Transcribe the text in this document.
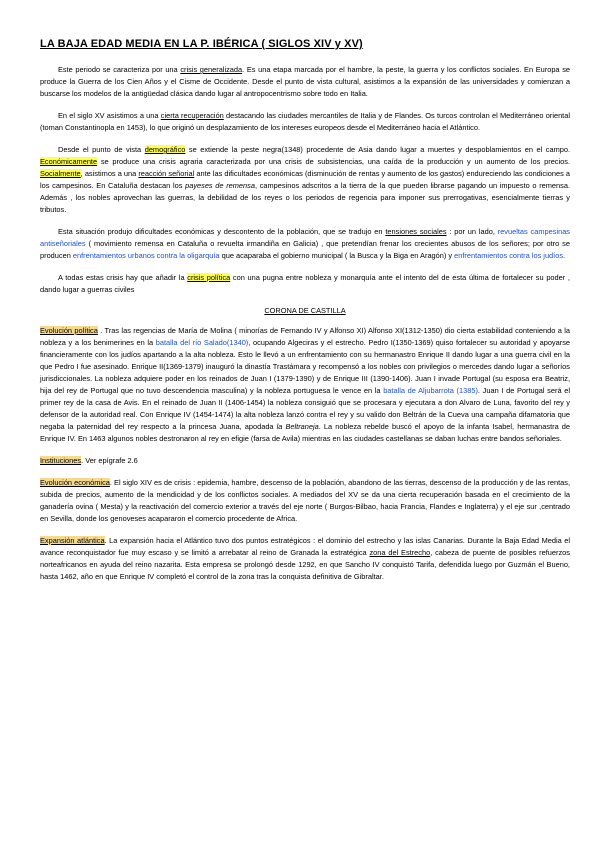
LA BAJA EDAD MEDIA EN LA P. IBÉRICA ( SIGLOS XIV y XV)

Este periodo se caracteriza por una crisis generalizada. Es una etapa marcada por el hambre, la peste, la guerra y los conflictos sociales. En Europa se produce la Guerra de los Cien Años y el Cisme de Occidente. Desde el punto de vista cultural, asistimos a la expansión de las universidades y comienzan a buscarse los modelos de la antigüedad clásica dando lugar al antropocentrismo sobre todo en Italia.

En el siglo XV asistimos a una cierta recuperación destacando las ciudades mercantiles de Italia y de Flandes. Os turcos controlan el Mediterráneo oriental (toman Constantinopla en 1453), lo que originó un desplazamiento de los intereses europeos desde el Mediterráneo hacia el Atlántico.

Desde el punto de vista demográfico se extiende la peste negra(1348) procedente de Asia dando lugar a muertes y despoblamientos en el campo. Económicamente se produce una crisis agraria caracterizada por una crisis de subsistencias, una caída de la producción y un aumento de los precios. Socialmente, asistimos a una reacción señorial ante las dificultades económicas (disminución de rentas y aumento de los gastos) endureciendo las condiciones a los campesinos. En Cataluña destacan los payeses de remensa, campesinos adscritos a la tierra de la que pueden librarse pagando un impuesto o remensa. Además , los nobles aprovechan las guerras, la debilidad de los reyes o los periodos de regencia para imponer sus prerrogativas, esencialmente tierras y tributos.

Esta situación produjo dificultades económicas y descontento de la población, que se tradujo en tensiones sociales : por un lado, revueltas campesinas antiseñoriales ( movimiento remensa en Cataluña o revuelta irmandiña en Galicia) , que pretendían frenar los crecientes abusos de los señores; por otro se producen enfrentamientos urbanos contra la oligarquía que acaparaba el gobierno municipal ( la Busca y la Biga en Aragón) y enfrentamientos contra los judíos.

A todas estas crisis hay que añadir la crisis política con una pugna entre nobleza y monarquía ante el intento del de esta última de fortalecer su poder , dando lugar a guerras civiles

CORONA DE CASTILLA

Evolución política . Tras las regencias de María de Molina ( minorías de Fernando IV y Alfonso XI) Alfonso XI(1312-1350) dio cierta estabilidad conteniendo a la nobleza y a los benimerines en la batalla del río Salado(1340), ocupando Algeciras y el estrecho. Pedro I(1350-1369) quiso fortalecer su autoridad y apoyarse financieramente con los judíos apartando a la alta nobleza. Esto le llevó a un enfrentamiento con su hermanastro Enrique II dando lugar a una guerra civil en la que Pedro I fue asesinado. Enrique II(1369-1379) inauguró la dinastía Trastámara y recompensó a los nobles con privilegios o mercedes dando lugar a señoríos jurisdiccionales. La nobleza adquiere poder en los reinados de Juan I (1379-1390) y de Enrique III (1390-1406). Juan I invade Portugal (su esposa era Beatriz, hija del rey de Portugal que no tuvo descendencia masculina) y la nobleza portuguesa le vence en la batalla de Aljubarrota (1385). Juan I de Portugal será el primer rey de la casa de Avis. En el reinado de Juan II (1406-1454) la nobleza consiguió que se procesara y ejecutara a don Alvaro de Luna, favorito del rey y defensor de la autoridad real. Con Enrique IV (1454-1474) la alta nobleza lanzó contra el rey y su valido don Beltrán de la Cueva una campaña difamatoria que negaba la paternidad del rey respecto a la princesa Juana, apodada la Beltraneja. La nobleza rebelde buscó el apoyo de la infanta Isabel, hermanastra de Enrique IV. En 1463 algunos nobles destronaron al rey en efigie (farsa de Avila) mientras en las ciudades castellanas se daban luchas entre bandos señoriales.

Instituciones. Ver epígrafe 2.6

Evolución económica. El siglo XIV es de crisis : epidemia, hambre, descenso de la población, abandono de las tierras, descenso de la producción y de las rentas, subida de precios, aumento de la mendicidad y de los conflictos sociales. A mediados del XV se da una cierta recuperación basada en el crecimiento de la ganadería ovina ( Mesta) y la reactivación del comercio exterior a través del eje norte ( Burgos-Bilbao, hacia Francia, Flandes e Inglaterra) y el eje sur ,centrado en Sevilla, donde los genoveses acapararon el comercio procedente de Africa.

Expansión atlántica. La expansión hacia el Atlántico tuvo dos puntos estratégicos : el dominio del estrecho y las islas Canarias. Durante la Baja Edad Media el avance reconquistador fue muy escaso y se limitó a arrebatar al reino de Granada la estratégica zona del Estrecho, cabeza de puente de posibles refuerzos norteafricanos en ayuda del reino nazarita. Esta empresa se prolongó desde 1292, en que Sancho IV conquistó Tarifa, defendida luego por Guzmán el Bueno, hasta 1462, año en que Enrique IV completó el control de la zona tras la conquista definitiva de Gibraltar.
